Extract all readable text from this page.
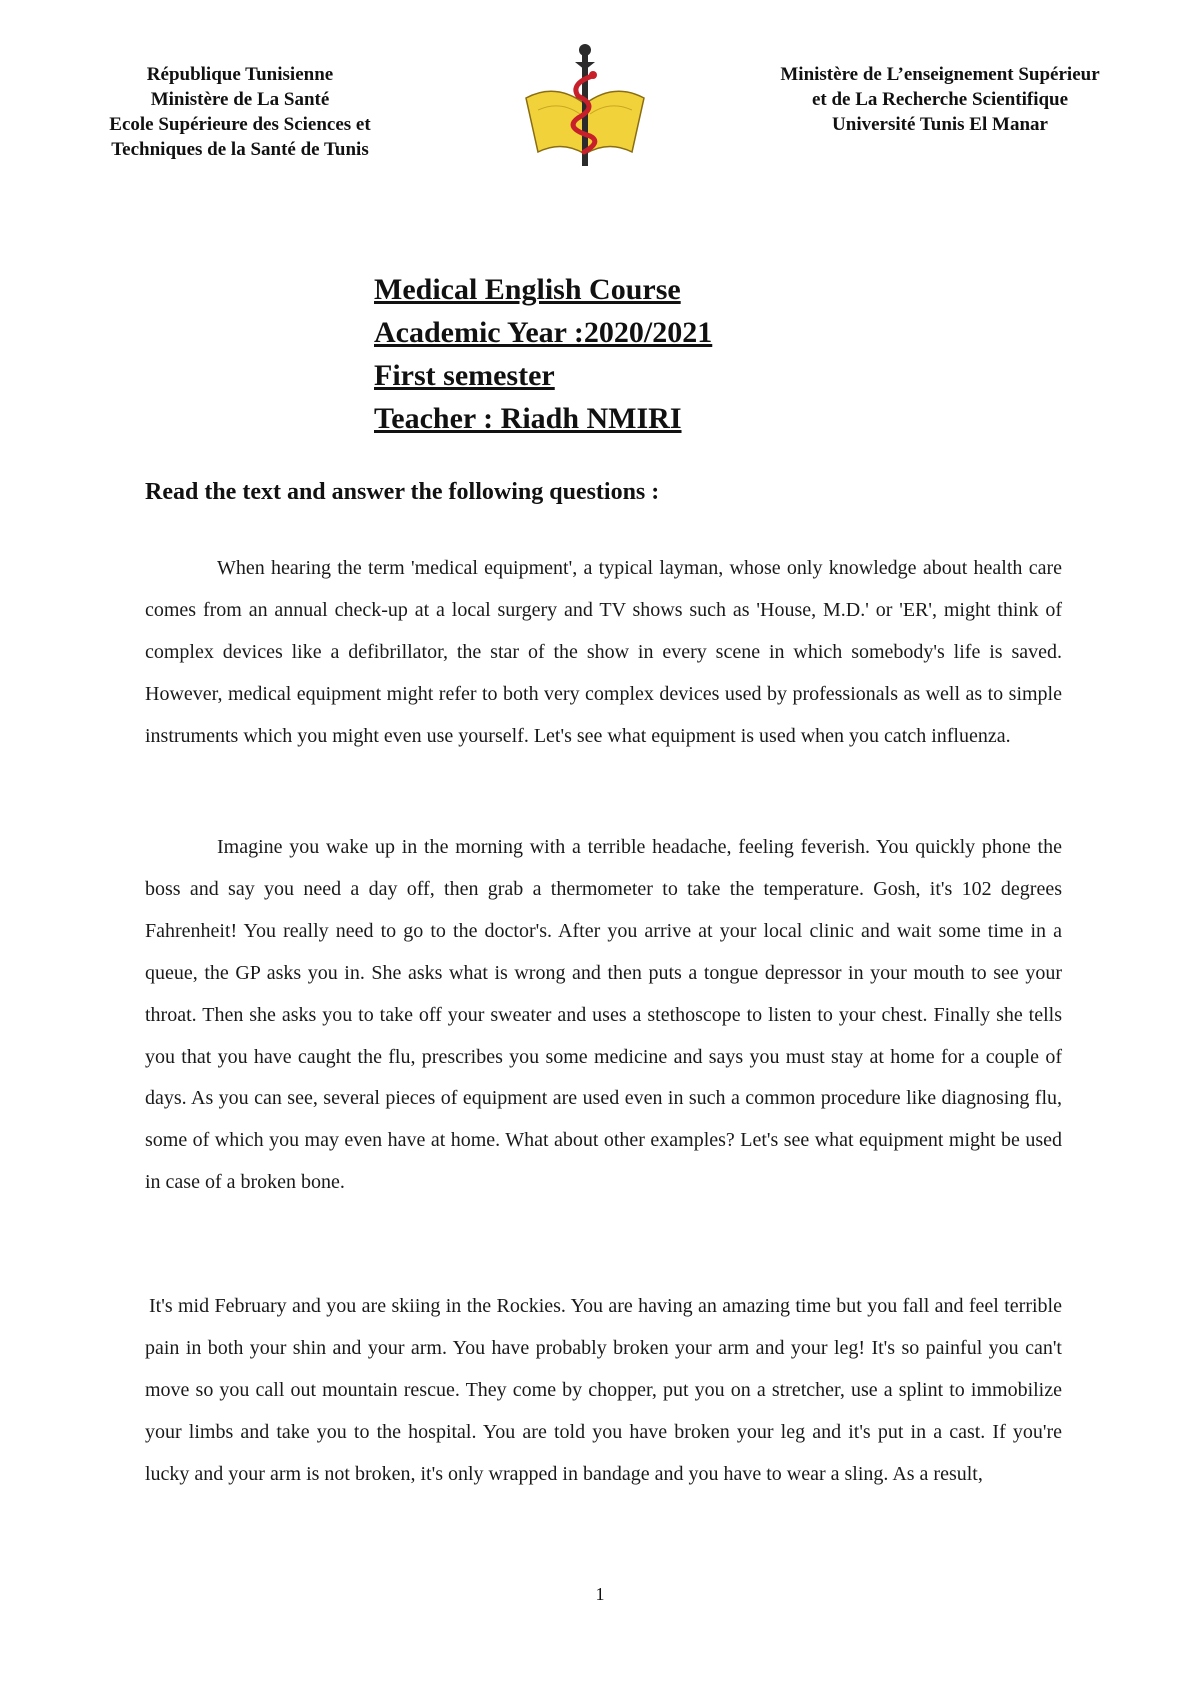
République Tunisienne
Ministère de La Santé
Ecole Supérieure des Sciences et
Techniques de la Santé de Tunis
Ministère de L’enseignement Supérieur
et de La Recherche Scientifique
Université Tunis El Manar
Medical English Course
Academic Year :2020/2021
First semester
Teacher : Riadh NMIRI
Read the text and answer the following questions :

When hearing the term 'medical equipment', a typical layman, whose only knowledge about health care comes from an annual check-up at a local surgery and TV shows such as 'House, M.D.' or 'ER', might think of complex devices like a defibrillator, the star of the show in every scene in which somebody's life is saved. However, medical equipment might refer to both very complex devices used by professionals as well as to simple instruments which you might even use yourself. Let's see what equipment is used when you catch influenza.

Imagine you wake up in the morning with a terrible headache, feeling feverish. You quickly phone the boss and say you need a day off, then grab a thermometer to take the temperature. Gosh, it's 102 degrees Fahrenheit! You really need to go to the doctor's. After you arrive at your local clinic and wait some time in a queue, the GP asks you in. She asks what is wrong and then puts a tongue depressor in your mouth to see your throat. Then she asks you to take off your sweater and uses a stethoscope to listen to your chest. Finally she tells you that you have caught the flu, prescribes you some medicine and says you must stay at home for a couple of days. As you can see, several pieces of equipment are used even in such a common procedure like diagnosing flu, some of which you may even have at home. What about other examples? Let's see what equipment might be used in case of a broken bone.

It's mid February and you are skiing in the Rockies. You are having an amazing time but you fall and feel terrible pain in both your shin and your arm. You have probably broken your arm and your leg! It's so painful you can't move so you call out mountain rescue. They come by chopper, put you on a stretcher, use a splint to immobilize your limbs and take you to the hospital. You are told you have broken your leg and it's put in a cast. If you're lucky and your arm is not broken, it's only wrapped in bandage and you have to wear a sling. As a result,

1
